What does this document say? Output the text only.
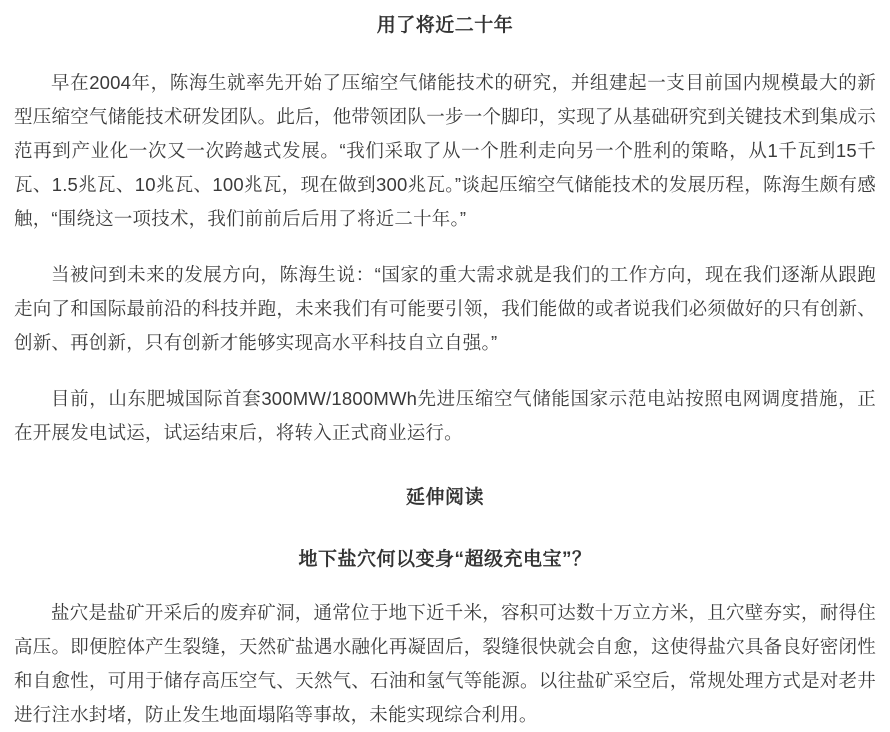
用了将近二十年

早在2004年，陈海生就率先开始了压缩空气储能技术的研究，并组建起一支目前国内规模最大的新型压缩空气储能技术研发团队。此后，他带领团队一步一个脚印，实现了从基础研究到关键技术到集成示范再到产业化一次又一次跨越式发展。“我们采取了从一个胜利走向另一个胜利的策略，从1千瓦到15千瓦、1.5兆瓦、10兆瓦、100兆瓦，现在做到300兆瓦。”谈起压缩空气储能技术的发展历程，陈海生颇有感触，“围绕这一项技术，我们前前后后用了将近二十年。”

当被问到未来的发展方向，陈海生说：“国家的重大需求就是我们的工作方向，现在我们逐渐从跟跑走向了和国际最前沿的科技并跑，未来我们有可能要引领，我们能做的或者说我们必须做好的只有创新、创新、再创新，只有创新才能够实现高水平科技自立自强。”

目前，山东肥城国际首套300MW/1800MWh先进压缩空气储能国家示范电站按照电网调度措施，正在开展发电试运，试运结束后，将转入正式商业运行。

延伸阅读
地下盐穴何以变身“超级充电宝”？

盐穴是盐矿开采后的废弃矿洞，通常位于地下近千米，容积可达数十万立方米，且穴壁夯实，耐得住高压。即便腔体产生裂缝，天然矿盐遇水融化再凝固后，裂缝很快就会自愈，这使得盐穴具备良好密闭性和自愈性，可用于储存高压空气、天然气、石油和氢气等能源。以往盐矿采空后，常规处理方式是对老井进行注水封堵，防止发生地面塌陷等事故，未能实现综合利用。
